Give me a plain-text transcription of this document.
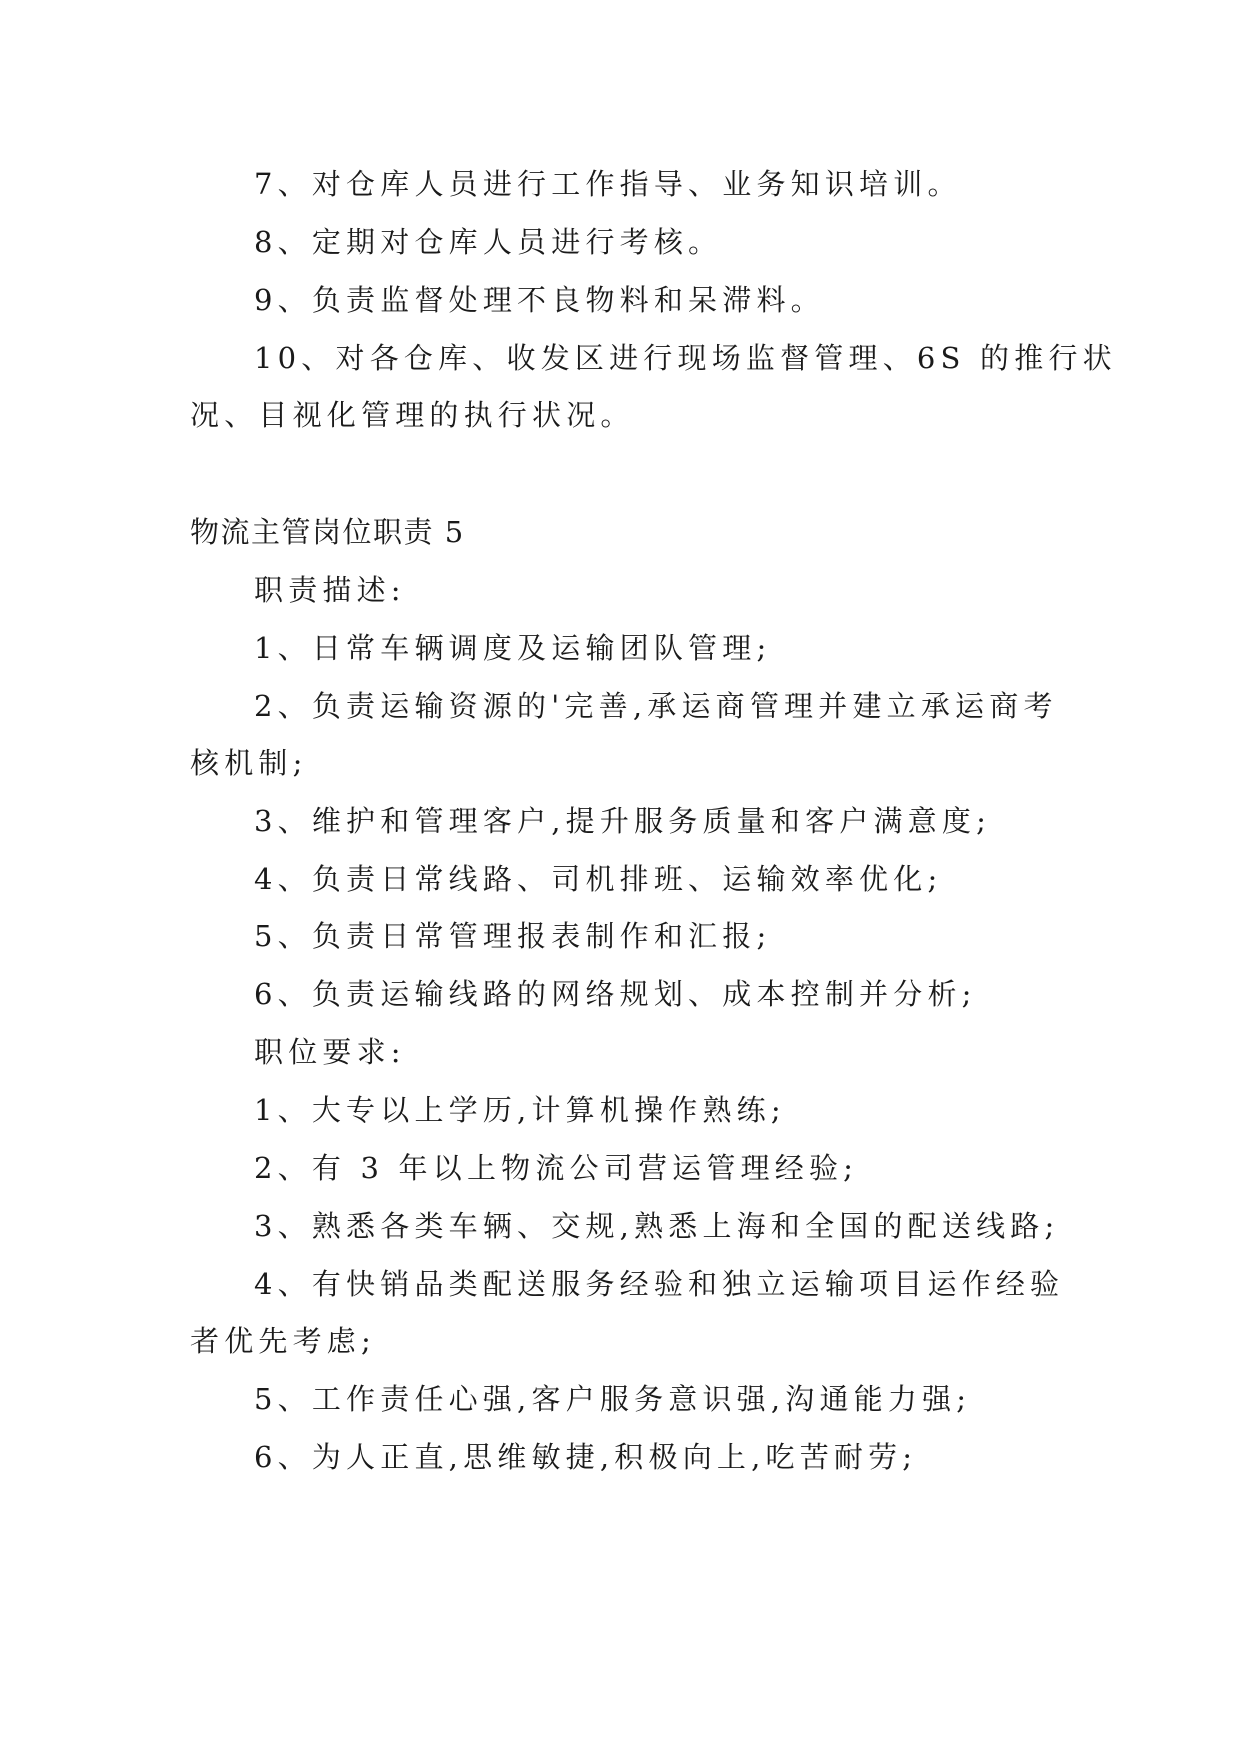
7、对仓库人员进行工作指导、业务知识培训。
8、定期对仓库人员进行考核。
9、负责监督处理不良物料和呆滞料。
10、对各仓库、收发区进行现场监督管理、6S 的推行状
况、目视化管理的执行状况。
物流主管岗位职责 5
职责描述:
1、日常车辆调度及运输团队管理;
2、负责运输资源的'完善,承运商管理并建立承运商考
核机制;
3、维护和管理客户,提升服务质量和客户满意度;
4、负责日常线路、司机排班、运输效率优化;
5、负责日常管理报表制作和汇报;
6、负责运输线路的网络规划、成本控制并分析;
职位要求:
1、大专以上学历,计算机操作熟练;
2、有 3 年以上物流公司营运管理经验;
3、熟悉各类车辆、交规,熟悉上海和全国的配送线路;
4、有快销品类配送服务经验和独立运输项目运作经验
者优先考虑;
5、工作责任心强,客户服务意识强,沟通能力强;
6、为人正直,思维敏捷,积极向上,吃苦耐劳;
